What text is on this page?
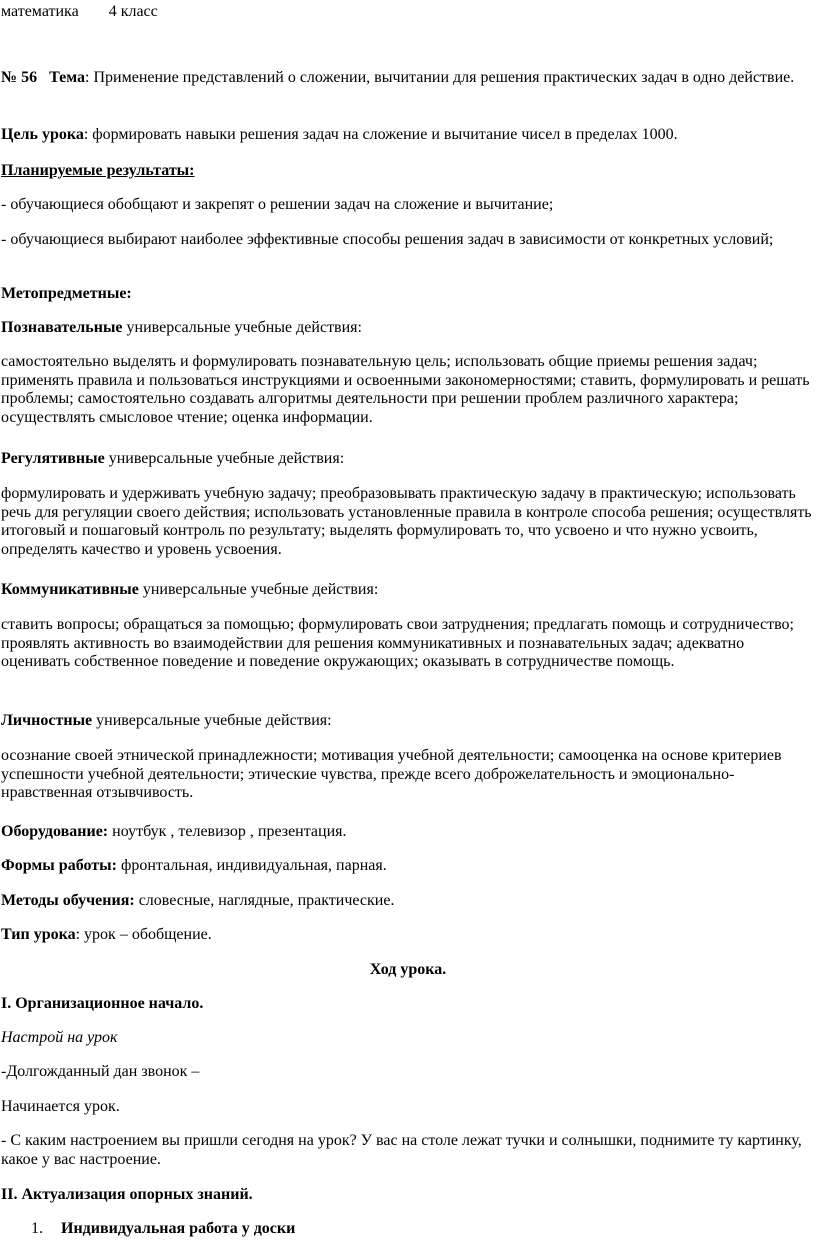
математика 4 класс

№ 56 Тема: Применение представлений о сложении, вычитании для решения практических задач в одно действие.

Цель урока: формировать навыки решения задач на сложение и вычитание чисел в пределах 1000.

Планируемые результаты:

- обучающиеся обобщают и закрепят о решении задач на сложение и вычитание;

- обучающиеся выбирают наиболее эффективные способы решения задач в зависимости от конкретных условий;

Метопредметные:

Познавательные универсальные учебные действия:

самостоятельно выделять и формулировать познавательную цель; использовать общие приемы решения задач; применять правила и пользоваться инструкциями и освоенными закономерностями; ставить, формулировать и решать проблемы; самостоятельно создавать алгоритмы деятельности при решении проблем различного характера; осуществлять смысловое чтение; оценка информации.

Регулятивные универсальные учебные действия:

формулировать и удерживать учебную задачу; преобразовывать практическую задачу в практическую; использовать речь для регуляции своего действия; использовать установленные правила в контроле способа решения; осуществлять итоговый и пошаговый контроль по результату; выделять формулировать то, что усвоено и что нужно усвоить, определять качество и уровень усвоения.

Коммуникативные универсальные учебные действия:

ставить вопросы; обращаться за помощью; формулировать свои затруднения; предлагать помощь и сотрудничество; проявлять активность во взаимодействии для решения коммуникативных и познавательных задач; адекватно оценивать собственное поведение и поведение окружающих; оказывать в сотрудничестве помощь.

Личностные универсальные учебные действия:

осознание своей этнической принадлежности; мотивация учебной деятельности; самооценка на основе критериев успешности учебной деятельности; этические чувства, прежде всего доброжелательность и эмоционально-нравственная отзывчивость.

Оборудование: ноутбук , телевизор , презентация.

Формы работы: фронтальная, индивидуальная, парная.

Методы обучения: словесные, наглядные, практические.

Тип урока: урок – обобщение.

Ход урока.

I. Организационное начало.

Настрой на урок

-Долгожданный дан звонок –

Начинается урок.

- С каким настроением вы пришли сегодня на урок? У вас на столе лежат тучки и солнышки, поднимите ту картинку, какое у вас настроение.

II. Актуализация опорных знаний.

1. Индивидуальная работа у доски
